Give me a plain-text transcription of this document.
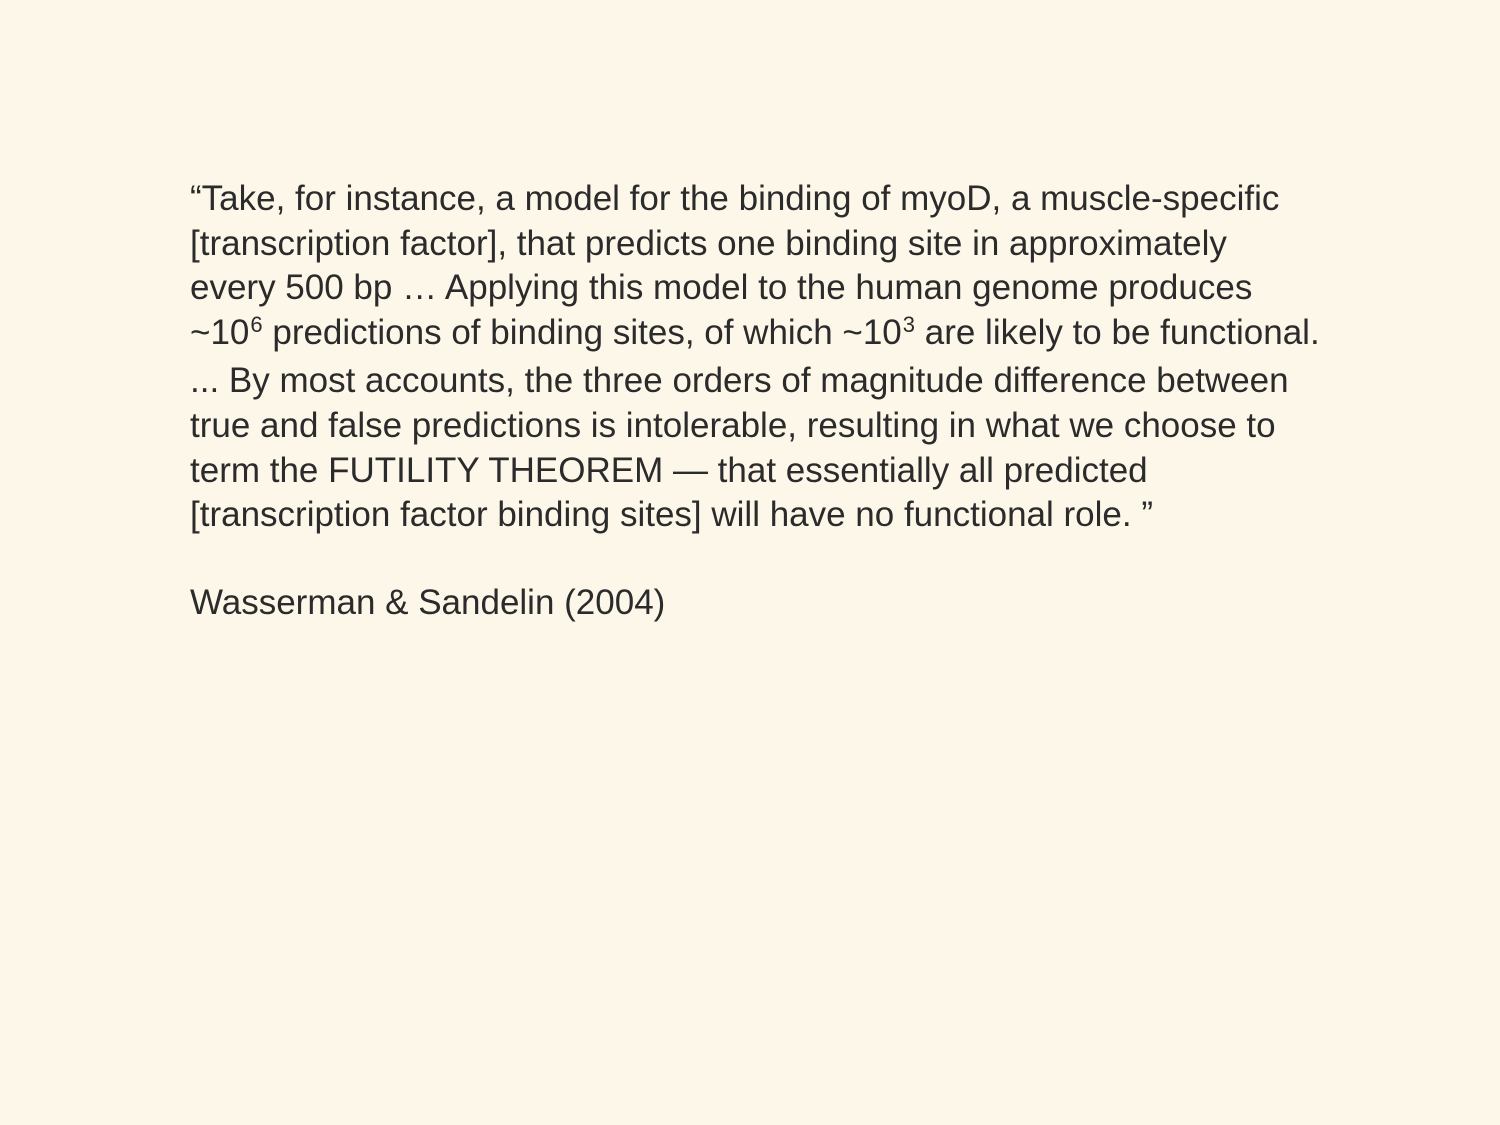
“Take, for instance, a model for the binding of myoD, a muscle-specific
[transcription factor], that predicts one binding site in approximately
every 500 bp … Applying this model to the human genome produces
$\sim 10^6$ predictions of binding sites, of which $\sim 10^3$ are likely to be functional.
... By most accounts, the three orders of magnitude difference between
true and false predictions is intolerable, resulting in what we choose to
term the FUTILITY THEOREM — that essentially all predicted
[transcription factor binding sites] will have no functional role. ”
Wasserman & Sandelin (2004)
